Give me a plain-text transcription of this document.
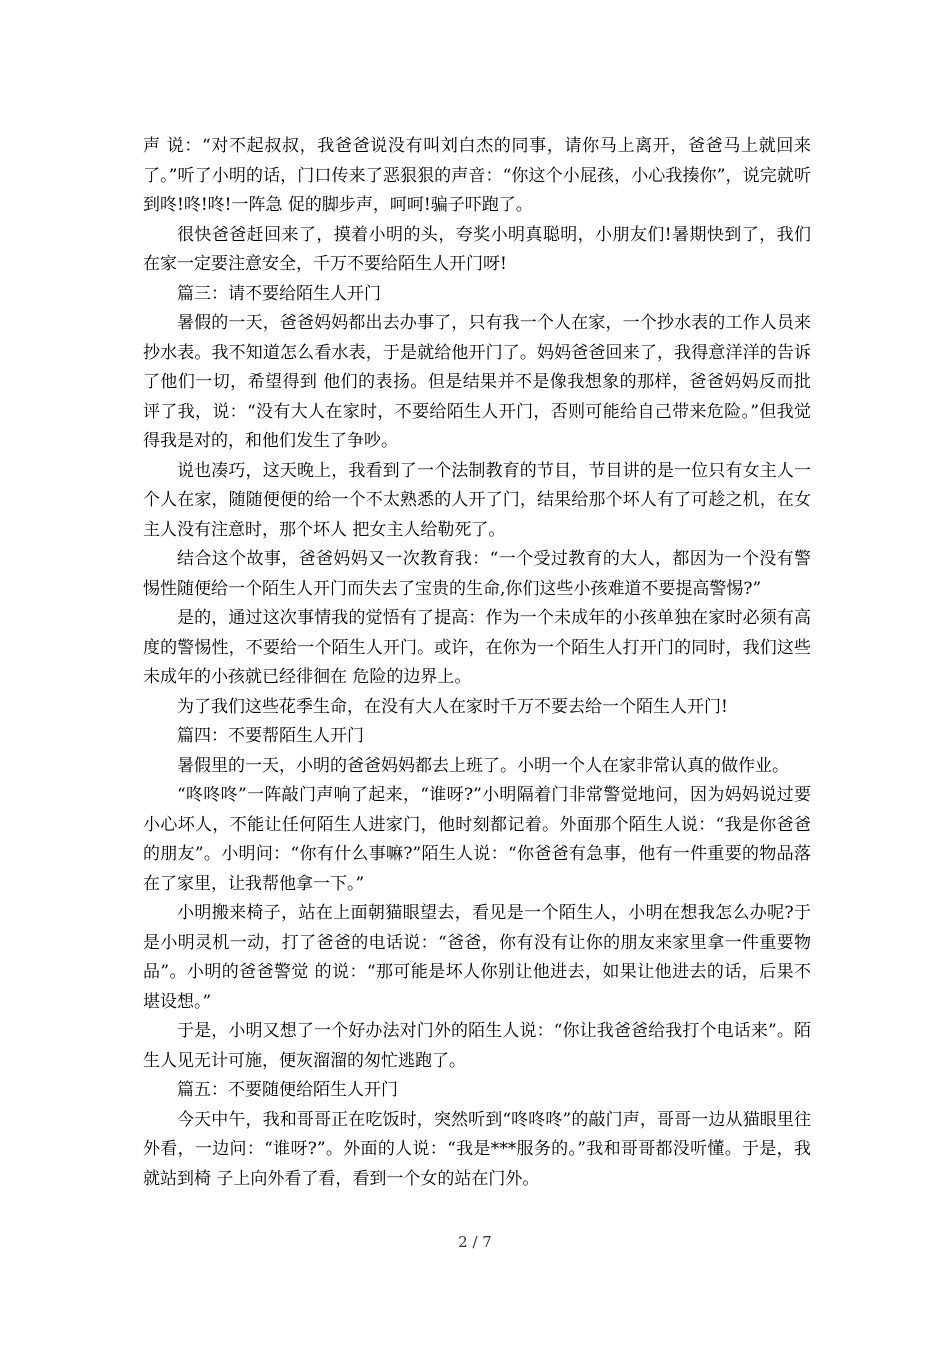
声 说：“对不起叔叔，我爸爸说没有叫刘白杰的同事，请你马上离开，爸爸马上就回来了。”听了小明的话，门口传来了恶狠狠的声音：“你这个小屁孩，小心我揍你”，说完就听到咚!咚!咚!一阵急 促的脚步声，呵呵!骗子吓跑了。

很快爸爸赶回来了，摸着小明的头，夸奖小明真聪明，小朋友们!暑期快到了，我们在家一定要注意安全，千万不要给陌生人开门呀!

篇三：请不要给陌生人开门

暑假的一天，爸爸妈妈都出去办事了，只有我一个人在家，一个抄水表的工作人员来抄水表。我不知道怎么看水表，于是就给他开门了。妈妈爸爸回来了，我得意洋洋的告诉了他们一切，希望得到 他们的表扬。但是结果并不是像我想象的那样，爸爸妈妈反而批评了我，说：“没有大人在家时，不要给陌生人开门，否则可能给自己带来危险。”但我觉得我是对的，和他们发生了争吵。

说也凑巧，这天晚上，我看到了一个法制教育的节目，节目讲的是一位只有女主人一个人在家，随随便便的给一个不太熟悉的人开了门，结果给那个坏人有了可趁之机，在女主人没有注意时，那个坏人 把女主人给勒死了。

结合这个故事，爸爸妈妈又一次教育我：“一个受过教育的大人，都因为一个没有警惕性随便给一个陌生人开门而失去了宝贵的生命,你们这些小孩难道不要提高警惕?”

是的，通过这次事情我的觉悟有了提高：作为一个未成年的小孩单独在家时必须有高度的警惕性，不要给一个陌生人开门。或许，在你为一个陌生人打开门的同时，我们这些未成年的小孩就已经徘徊在 危险的边界上。

为了我们这些花季生命，在没有大人在家时千万不要去给一个陌生人开门!

篇四：不要帮陌生人开门

暑假里的一天，小明的爸爸妈妈都去上班了。小明一个人在家非常认真的做作业。

“咚咚咚”一阵敲门声响了起来，“谁呀?”小明隔着门非常警觉地问，因为妈妈说过要小心坏人，不能让任何陌生人进家门，他时刻都记着。外面那个陌生人说：“我是你爸爸的朋友”。小明问：“你有什么事嘛?”陌生人说：“你爸爸有急事，他有一件重要的物品落在了家里，让我帮他拿一下。”

小明搬来椅子，站在上面朝猫眼望去，看见是一个陌生人，小明在想我怎么办呢?于是小明灵机一动，打了爸爸的电话说：“爸爸，你有没有让你的朋友来家里拿一件重要物品”。小明的爸爸警觉 的说：“那可能是坏人你别让他进去，如果让他进去的话，后果不堪设想。”

于是，小明又想了一个好办法对门外的陌生人说：“你让我爸爸给我打个电话来”。陌生人见无计可施，便灰溜溜的匆忙逃跑了。

篇五：不要随便给陌生人开门

今天中午，我和哥哥正在吃饭时，突然听到“咚咚咚”的敲门声，哥哥一边从猫眼里往外看，一边问：“谁呀?”。外面的人说：“我是***服务的。”我和哥哥都没听懂。于是，我就站到椅 子上向外看了看，看到一个女的站在门外。

2 / 7
